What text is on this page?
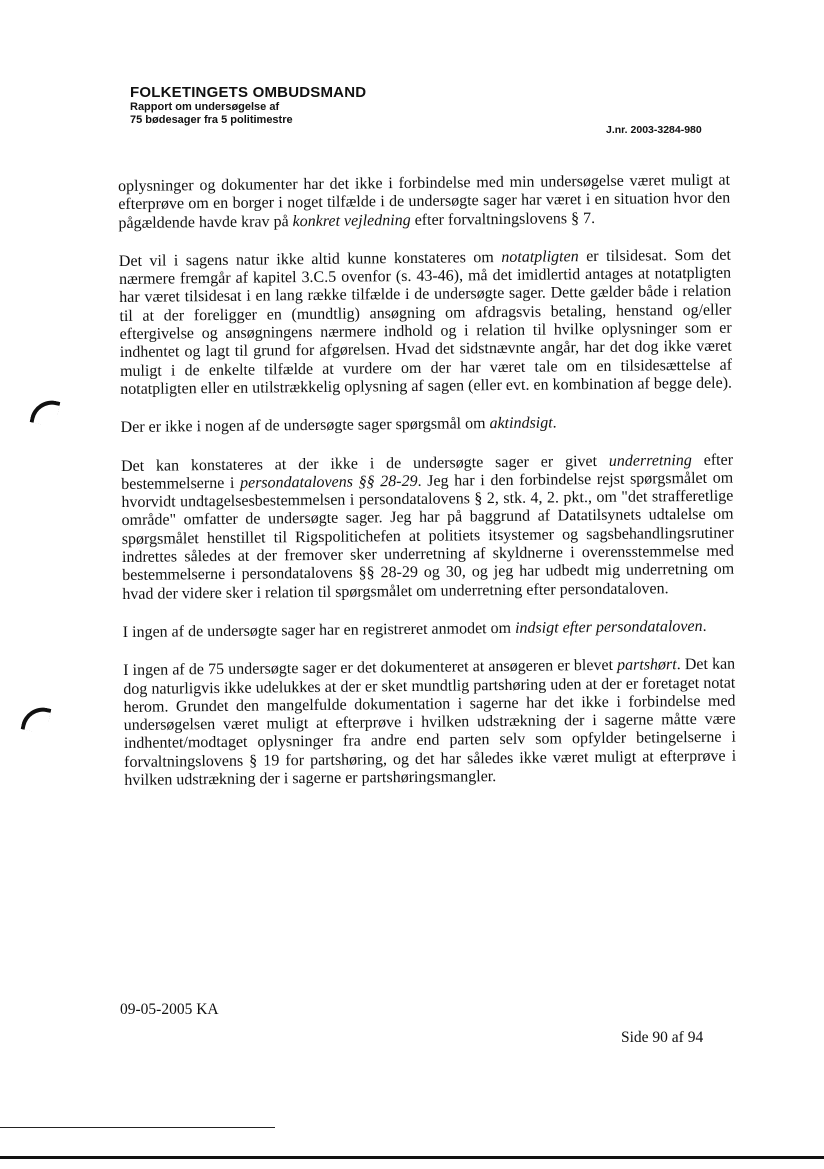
FOLKETINGETS OMBUDSMAND
Rapport om undersøgelse af
75 bødesager fra 5 politimestre
J.nr. 2003-3284-980

oplysninger og dokumenter har det ikke i forbindelse med min undersøgelse været muligt at efterprøve om en borger i noget tilfælde i de undersøgte sager har været i en situation hvor den pågældende havde krav på konkret vejledning efter forvaltningslovens § 7.

Det vil i sagens natur ikke altid kunne konstateres om notatpligten er tilsidesat. Som det nærmere fremgår af kapitel 3.C.5 ovenfor (s. 43-46), må det imidlertid antages at notatpligten har været tilsidesat i en lang række tilfælde i de undersøgte sager. Dette gælder både i relation til at der foreligger en (mundtlig) ansøgning om afdragsvis betaling, henstand og/eller eftergivelse og ansøgningens nærmere indhold og i relation til hvilke oplysninger som er indhentet og lagt til grund for afgørelsen. Hvad det sidstnævnte angår, har det dog ikke været muligt i de enkelte tilfælde at vurdere om der har været tale om en tilsidesættelse af notatpligten eller en utilstrækkelig oplysning af sagen (eller evt. en kombination af begge dele).

Der er ikke i nogen af de undersøgte sager spørgsmål om aktindsigt.

Det kan konstateres at der ikke i de undersøgte sager er givet underretning efter bestemmelserne i persondatalovens §§ 28-29. Jeg har i den forbindelse rejst spørgsmålet om hvorvidt undtagelsesbestemmelsen i persondatalovens § 2, stk. 4, 2. pkt., om "det strafferetlige område" omfatter de undersøgte sager. Jeg har på baggrund af Datatilsynets udtalelse om spørgsmålet henstillet til Rigspolitichefen at politiets itsystemer og sagsbehandlingsrutiner indrettes således at der fremover sker underretning af skyldnerne i overensstemmelse med bestemmelserne i persondatalovens §§ 28-29 og 30, og jeg har udbedt mig underretning om hvad der videre sker i relation til spørgsmålet om underretning efter persondataloven.

I ingen af de undersøgte sager har en registreret anmodet om indsigt efter persondataloven.

I ingen af de 75 undersøgte sager er det dokumenteret at ansøgeren er blevet partshørt. Det kan dog naturligvis ikke udelukkes at der er sket mundtlig partshøring uden at der er foretaget notat herom. Grundet den mangelfulde dokumentation i sagerne har det ikke i forbindelse med undersøgelsen været muligt at efterprøve i hvilken udstrækning der i sagerne måtte være indhentet/modtaget oplysninger fra andre end parten selv som opfylder betingelserne i forvaltningslovens § 19 for partshøring, og det har således ikke været muligt at efterprøve i hvilken udstrækning der i sagerne er partshøringsmangler.

09-05-2005 KA
Side 90 af 94
